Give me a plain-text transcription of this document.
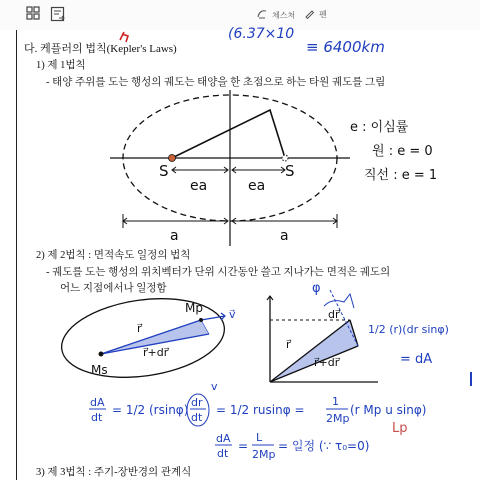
체스처	펜
(6.37×10
≡ 6400km
다. 케플러의 법칙(Kepler's Laws)
1) 제 1법칙
- 태양 주위를 도는 행성의 궤도는 태양을 한 초점으로 하는 타원 궤도를 그림
S	S
ea	ea
a	a
e : 이심률
원 : e = 0
직선 : e = 1
2) 제 2법칙 : 면적속도 일정의 법칙
- 궤도를 도는 행성의 위치벡터가 단위 시간동안 쓸고 지나가는 면적은 궤도의
어느 지점에서나 일정함
Ms
Mp
r⃗
r⃗+dr⃗
v⃗
φ
dr⃗
r⃗
r⃗+dr⃗
1/2 (r)(dr sinφ)
= dA
dA
dt
= 1/2 (rsinφ)
dr
dt
= 1/2 rusinφ =
1
2Mp
(r Mp u sinφ)
v
Lp
dA
dt
=
L
2Mp
= 일정 (∵ τ₀=0)
3) 제 3법칙 : 주기-장반경의 관계식
